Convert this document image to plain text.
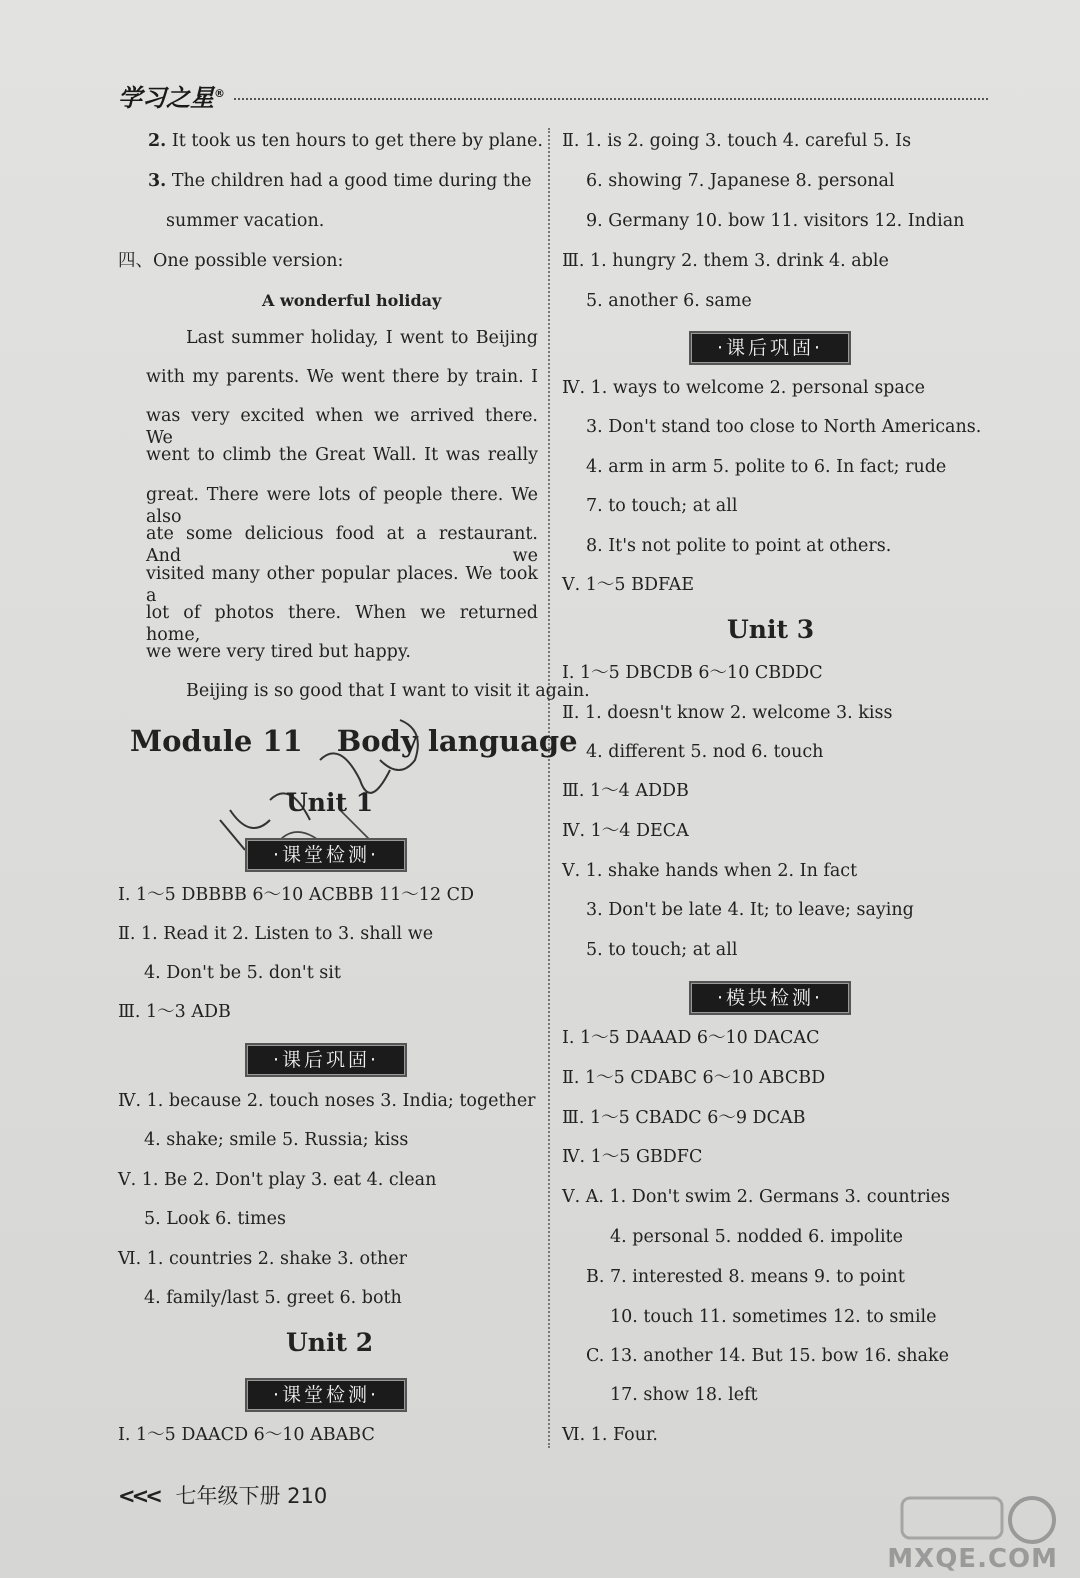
学习之星®
2. It took us ten hours to get there by plane.
3. The children had a good time during the
summer vacation.
四、One possible version:
A wonderful holiday
Last summer holiday, I went to Beijing
with my parents. We went there by train. I
was very excited when we arrived there. We
went to climb the Great Wall. It was really
great. There were lots of people there. We also
ate some delicious food at a restaurant. And we
visited many other popular places. We took a
lot of photos there. When we returned home,
we were very tired but happy.
Beijing is so good that I want to visit it again.
Module 11 Body language
Unit 1
·课堂检测·
Ⅰ. 1～5 DBBBB 6～10 ACBBB 11～12 CD
Ⅱ. 1. Read it 2. Listen to 3. shall we
4. Don't be 5. don't sit
Ⅲ. 1～3 ADB
·课后巩固·
Ⅳ. 1. because 2. touch noses 3. India; together
4. shake; smile 5. Russia; kiss
Ⅴ. 1. Be 2. Don't play 3. eat 4. clean
5. Look 6. times
Ⅵ. 1. countries 2. shake 3. other
4. family/last 5. greet 6. both
Unit 2
·课堂检测·
Ⅰ. 1～5 DAACD 6～10 ABABC
Ⅱ. 1. is 2. going 3. touch 4. careful 5. Is
6. showing 7. Japanese 8. personal
9. Germany 10. bow 11. visitors 12. Indian
Ⅲ. 1. hungry 2. them 3. drink 4. able
5. another 6. same
·课后巩固·
Ⅳ. 1. ways to welcome 2. personal space
3. Don't stand too close to North Americans.
4. arm in arm 5. polite to 6. In fact; rude
7. to touch; at all
8. It's not polite to point at others.
Ⅴ. 1～5 BDFAE
Unit 3
Ⅰ. 1～5 DBCDB 6～10 CBDDC
Ⅱ. 1. doesn't know 2. welcome 3. kiss
4. different 5. nod 6. touch
Ⅲ. 1～4 ADDB
Ⅳ. 1～4 DECA
Ⅴ. 1. shake hands when 2. In fact
3. Don't be late 4. It; to leave; saying
5. to touch; at all
·模块检测·
Ⅰ. 1～5 DAAAD 6～10 DACAC
Ⅱ. 1～5 CDABC 6～10 ABCBD
Ⅲ. 1～5 CBADC 6～9 DCAB
Ⅳ. 1～5 GBDFC
Ⅴ. A. 1. Don't swim 2. Germans 3. countries
4. personal 5. nodded 6. impolite
B. 7. interested 8. means 9. to point
10. touch 11. sometimes 12. to smile
C. 13. another 14. But 15. bow 16. shake
17. show 18. left
Ⅵ. 1. Four.
<<< 七年级下册 210
MXQE.COM
